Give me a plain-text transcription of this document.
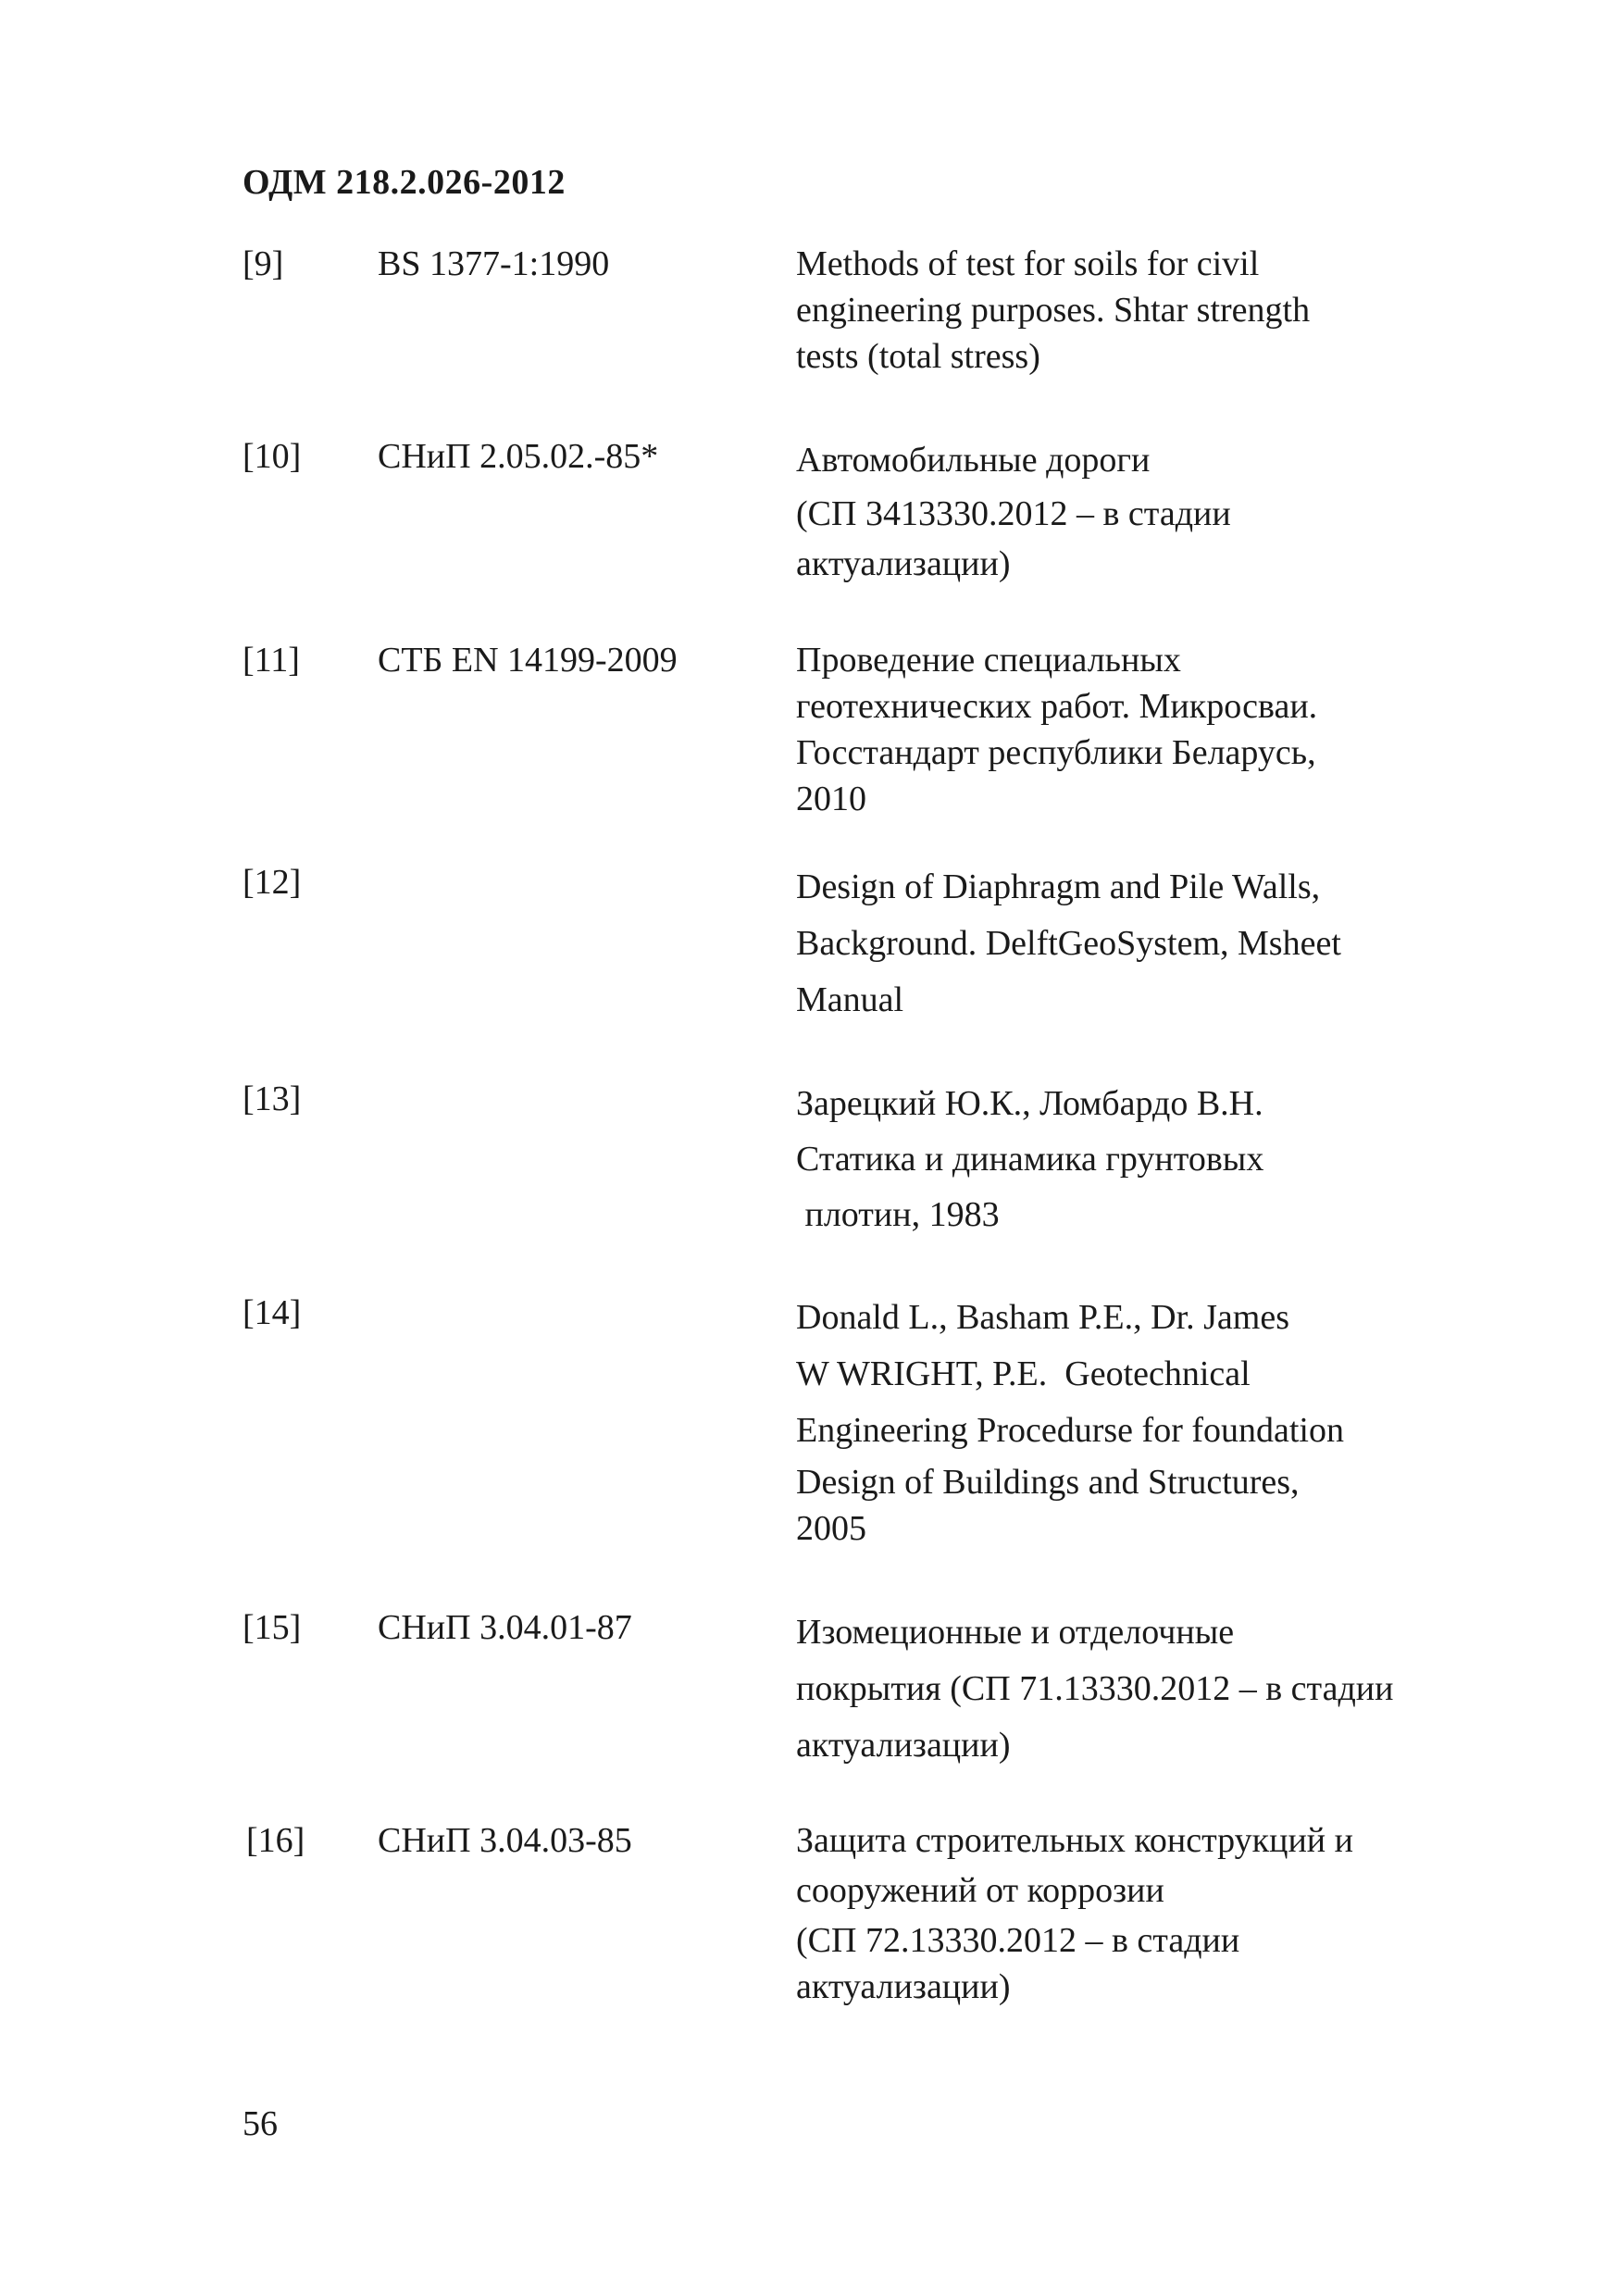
ОДМ 218.2.026-2012
[9]	BS 1377-1:1990	Methods of test for soils for civil
engineering purposes. Shtar strength
tests (total stress)
[10] СНиП 2.05.02.-85*	Автомобильные дороги
(СП 3413330.2012 – в стадии
актуализации)
[11] СТБ EN 14199-2009	Проведение специальных
геотехнических работ. Микросваи.
Госстандарт республики Беларусь,
2010
[12]	Design of Diaphragm and Pile Walls,
Background. DelftGeoSystem, Msheet
Manual
[13]	Зарецкий Ю.К., Ломбардо В.Н.
Статика и динамика грунтовых
плотин, 1983
[14]	Donald L., Basham P.E., Dr. James
W WRIGHT, P.E.  Geotechnical
Engineering Procedurse for foundation
Design of Buildings and Structures,
2005
[15] СНиП 3.04.01-87	Изомеционные и отделочные
покрытия (СП 71.13330.2012 – в стадии
актуализации)
[16] СНиП 3.04.03-85	Защита строительных конструкций и
сооружений от коррозии
(СП 72.13330.2012 – в стадии
актуализации)
56
